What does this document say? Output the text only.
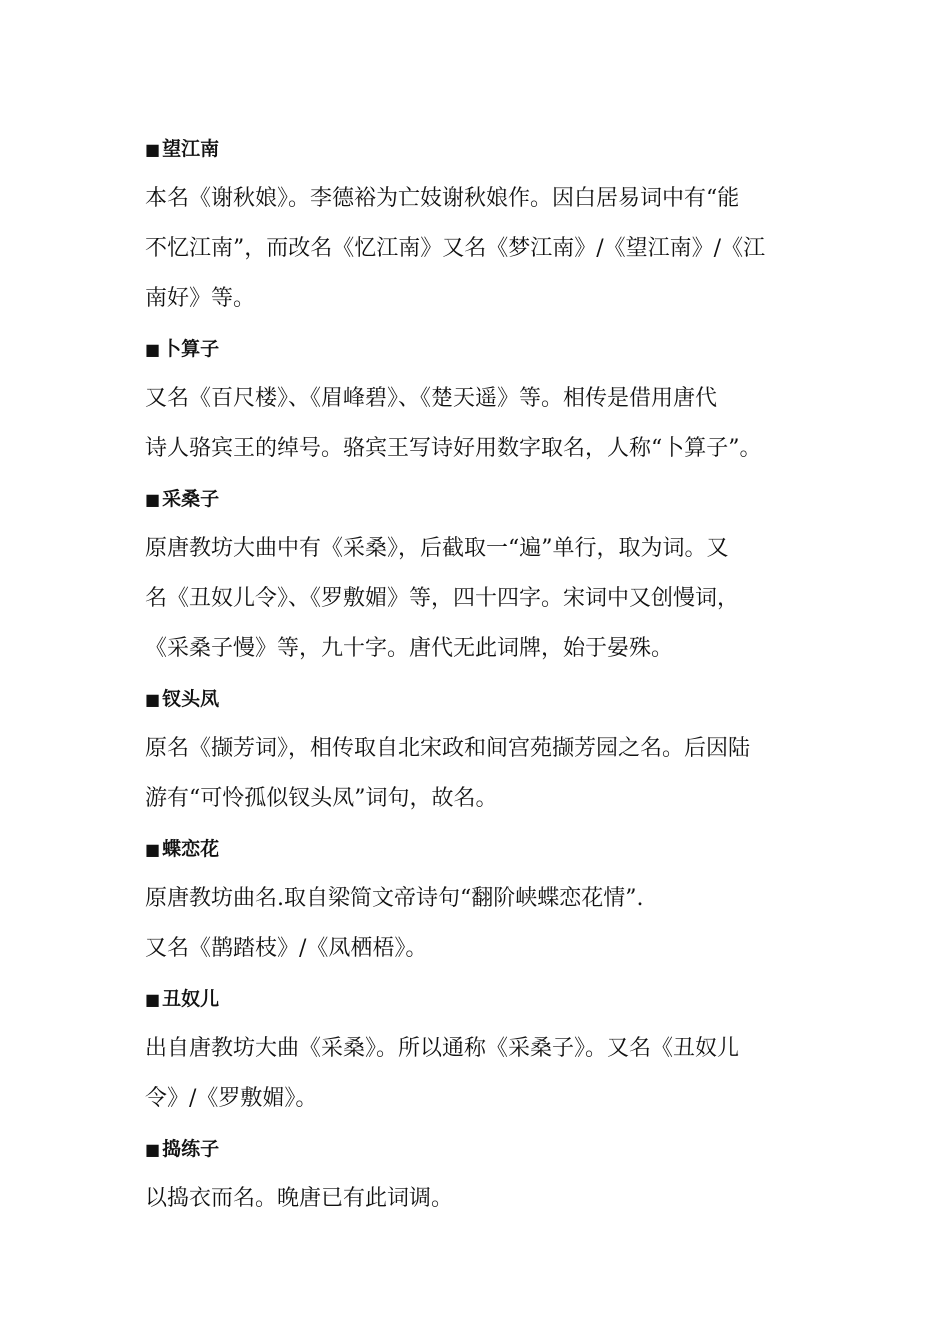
■ 望江南

本名《谢秋娘》。李德裕为亡妓谢秋娘作。因白居易词中有“能
不忆江南”，而改名《忆江南》又名《梦江南》/《望江南》/《江
南好》等。

■ 卜算子

又名《百尺楼》、《眉峰碧》、《楚天遥》等。相传是借用唐代
诗人骆宾王的绰号。骆宾王写诗好用数字取名，人称“卜算子”。

■ 采桑子

原唐教坊大曲中有《采桑》，后截取一“遍”单行，取为词。又
名《丑奴儿令》、《罗敷媚》等，四十四字。宋词中又创慢词，
《采桑子慢》等，九十字。唐代无此词牌，始于晏殊。

■ 钗头凤

原名《撷芳词》，相传取自北宋政和间宫苑撷芳园之名。后因陆
游有“可怜孤似钗头凤”词句，故名。

■ 蝶恋花

原唐教坊曲名.取自梁简文帝诗句“翻阶峡蝶恋花情”.
又名《鹊踏枝》/《凤栖梧》。

■ 丑奴儿

出自唐教坊大曲《采桑》。所以通称《采桑子》。又名《丑奴儿
令》/《罗敷媚》。

■ 捣练子

以捣衣而名。晚唐已有此词调。
